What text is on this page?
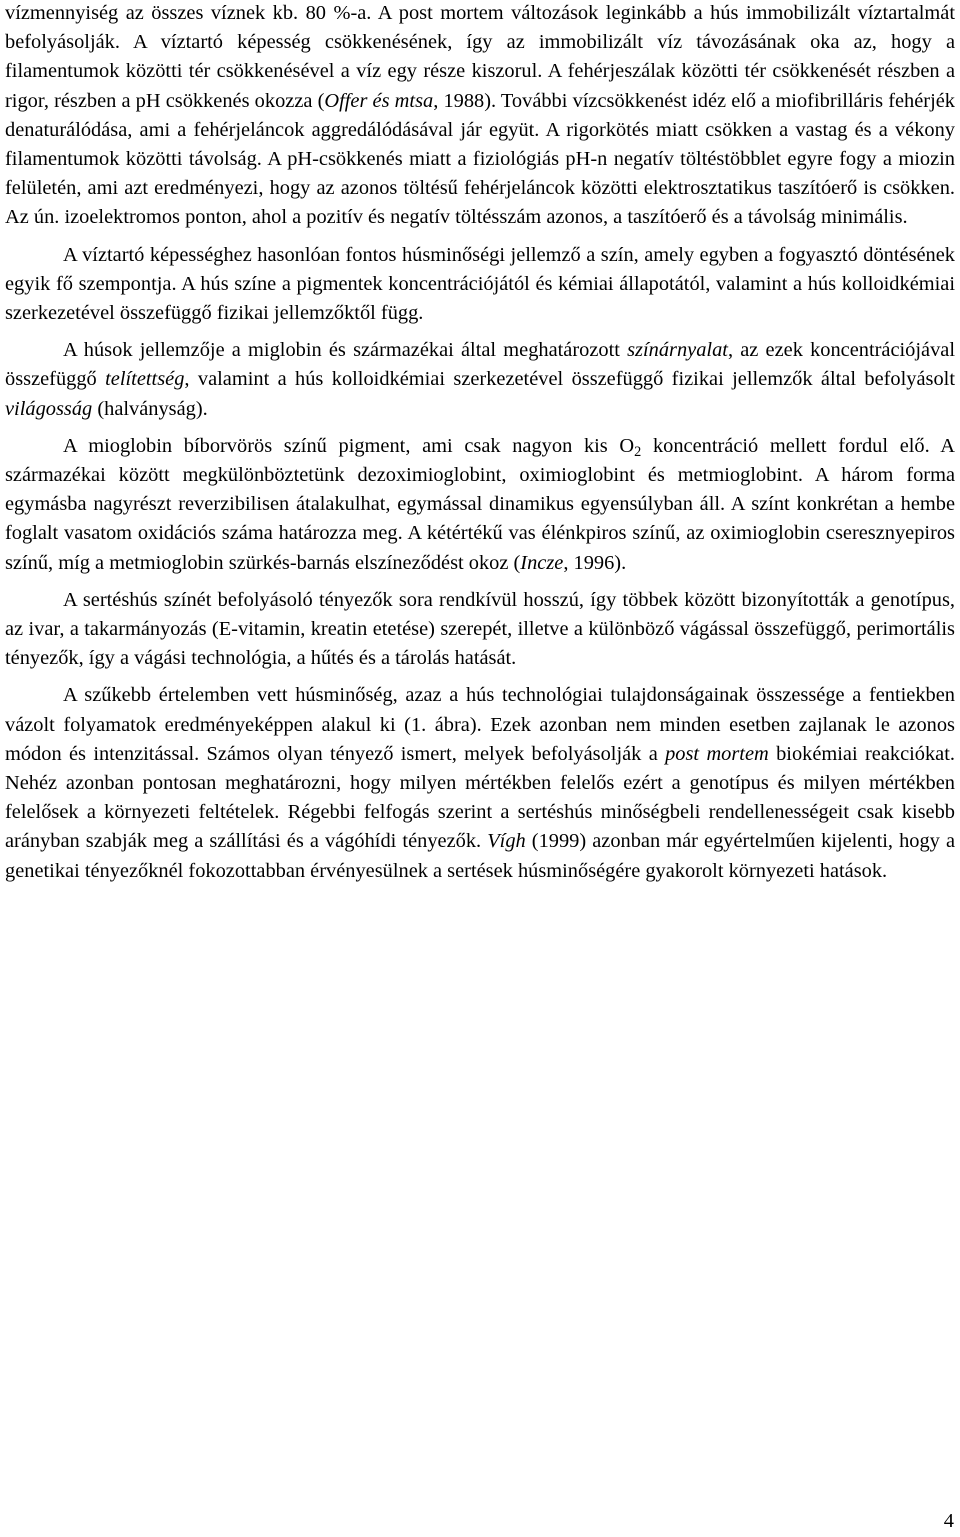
vízmennyiség az összes víznek kb. 80 %-a. A post mortem változások leginkább a hús immobilizált víztartalmát befolyásolják. A víztartó képesség csökkenésének, így az immobilizált víz távozásának oka az, hogy a filamentumok közötti tér csökkenésével a víz egy része kiszorul. A fehérjeszálak közötti tér csökkenését részben a rigor, részben a pH csökkenés okozza (Offer és mtsa, 1988). További vízcsökkenést idéz elő a miofibrilláris fehérjék denaturálódása, ami a fehérjeláncok aggredálódásával jár együt. A rigorkötés miatt csökken a vastag és a vékony filamentumok közötti távolság. A pH-csökkenés miatt a fiziológiás pH-n negatív töltéstöbblet egyre fogy a miozin felületén, ami azt eredményezi, hogy az azonos töltésű fehérjeláncok közötti elektrosztatikus taszítóerő is csökken. Az ún. izoelektromos ponton, ahol a pozitív és negatív töltésszám azonos, a taszítóerő és a távolság minimális.

A víztartó képességhez hasonlóan fontos húsminőségi jellemző a szín, amely egyben a fogyasztó döntésének egyik fő szempontja. A hús színe a pigmentek koncentrációjától és kémiai állapotától, valamint a hús kolloidkémiai szerkezetével összefüggő fizikai jellemzőktől függ.

A húsok jellemzője a miglobin és származékai által meghatározott színárnyalat, az ezek koncentrációjával összefüggő telítettség, valamint a hús kolloidkémiai szerkezetével összefüggő fizikai jellemzők által befolyásolt világosság (halványság).

A mioglobin bíborvörös színű pigment, ami csak nagyon kis $O_2$ koncentráció mellett fordul elő. A származékai között megkülönböztetünk dezoximioglobint, oximioglobint és metmioglobint. A három forma egymásba nagyrészt reverzibilisen átalakulhat, egymással dinamikus egyensúlyban áll. A színt konkrétan a hembe foglalt vasatom oxidációs száma határozza meg. A kétértékű vas élénkpiros színű, az oximioglobin cseresznyepiros színű, míg a metmioglobin szürkés-barnás elszíneződést okoz (Incze, 1996).

A sertéshús színét befolyásoló tényezők sora rendkívül hosszú, így többek között bizonyították a genotípus, az ivar, a takarmányozás (E-vitamin, kreatin etetése) szerepét, illetve a különböző vágással összefüggő, perimortális tényezők, így a vágási technológia, a hűtés és a tárolás hatását.

A szűkebb értelemben vett húsminőség, azaz a hús technológiai tulajdonságainak összessége a fentiekben vázolt folyamatok eredményeképpen alakul ki (1. ábra). Ezek azonban nem minden esetben zajlanak le azonos módon és intenzitással. Számos olyan tényező ismert, melyek befolyásolják a post mortem biokémiai reakciókat. Nehéz azonban pontosan meghatározni, hogy milyen mértékben felelős ezért a genotípus és milyen mértékben felelősek a környezeti feltételek. Régebbi felfogás szerint a sertéshús minőségbeli rendellenességeit csak kisebb arányban szabják meg a szállítási és a vágóhídi tényezők. Vígh (1999) azonban már egyértelműen kijelenti, hogy a genetikai tényezőknél fokozottabban érvényesülnek a sertések húsminőségére gyakorolt környezeti hatások.

4
